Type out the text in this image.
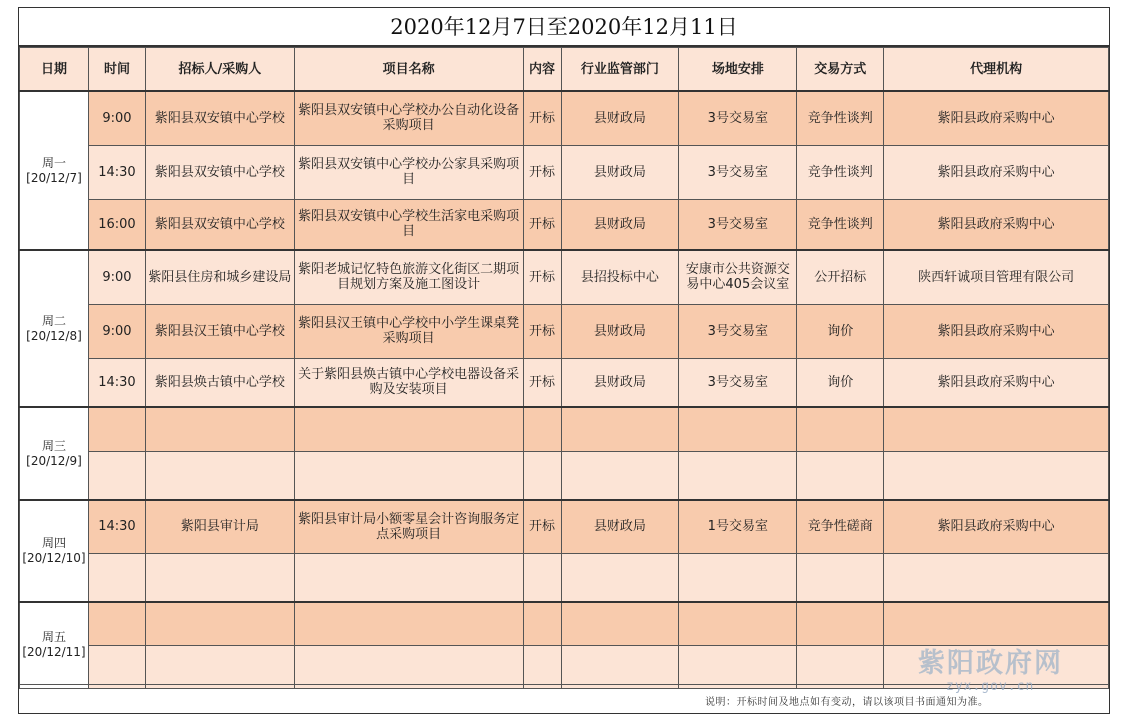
2020年12月7日至2020年12月11日
日期	时间	招标人/采购人	项目名称	内容	行业监管部门	场地安排	交易方式	代理机构

周一
[20/12/7]	9:00	紫阳县双安镇中心学校	紫阳县双安镇中心学校办公自动化设备采购项目	开标	县财政局	3号交易室	竞争性谈判	紫阳县政府采购中心
	14:30	紫阳县双安镇中心学校	紫阳县双安镇中心学校办公家具采购项目	开标	县财政局	3号交易室	竞争性谈判	紫阳县政府采购中心
	16:00	紫阳县双安镇中心学校	紫阳县双安镇中心学校生活家电采购项目	开标	县财政局	3号交易室	竞争性谈判	紫阳县政府采购中心

周二
[20/12/8]	9:00	紫阳县住房和城乡建设局	紫阳老城记忆特色旅游文化街区二期项目规划方案及施工图设计	开标	县招投标中心	安康市公共资源交易中心405会议室	公开招标	陕西轩诚项目管理有限公司
	9:00	紫阳县汉王镇中心学校	紫阳县汉王镇中心学校中小学生课桌凳采购项目	开标	县财政局	3号交易室	询价	紫阳县政府采购中心
	14:30	紫阳县焕古镇中心学校	关于紫阳县焕古镇中心学校电器设备采购及安装项目	开标	县财政局	3号交易室	询价	紫阳县政府采购中心

周三
[20/12/9]								

周四
[20/12/10]	14:30	紫阳县审计局	紫阳县审计局小额零星会计咨询服务定点采购项目	开标	县财政局	1号交易室	竞争性磋商	紫阳县政府采购中心

周五
[20/12/11]								

说明：开标时间及地点如有变动，请以该项目书面通知为准。
紫阳政府网
zyx.gov.cn
